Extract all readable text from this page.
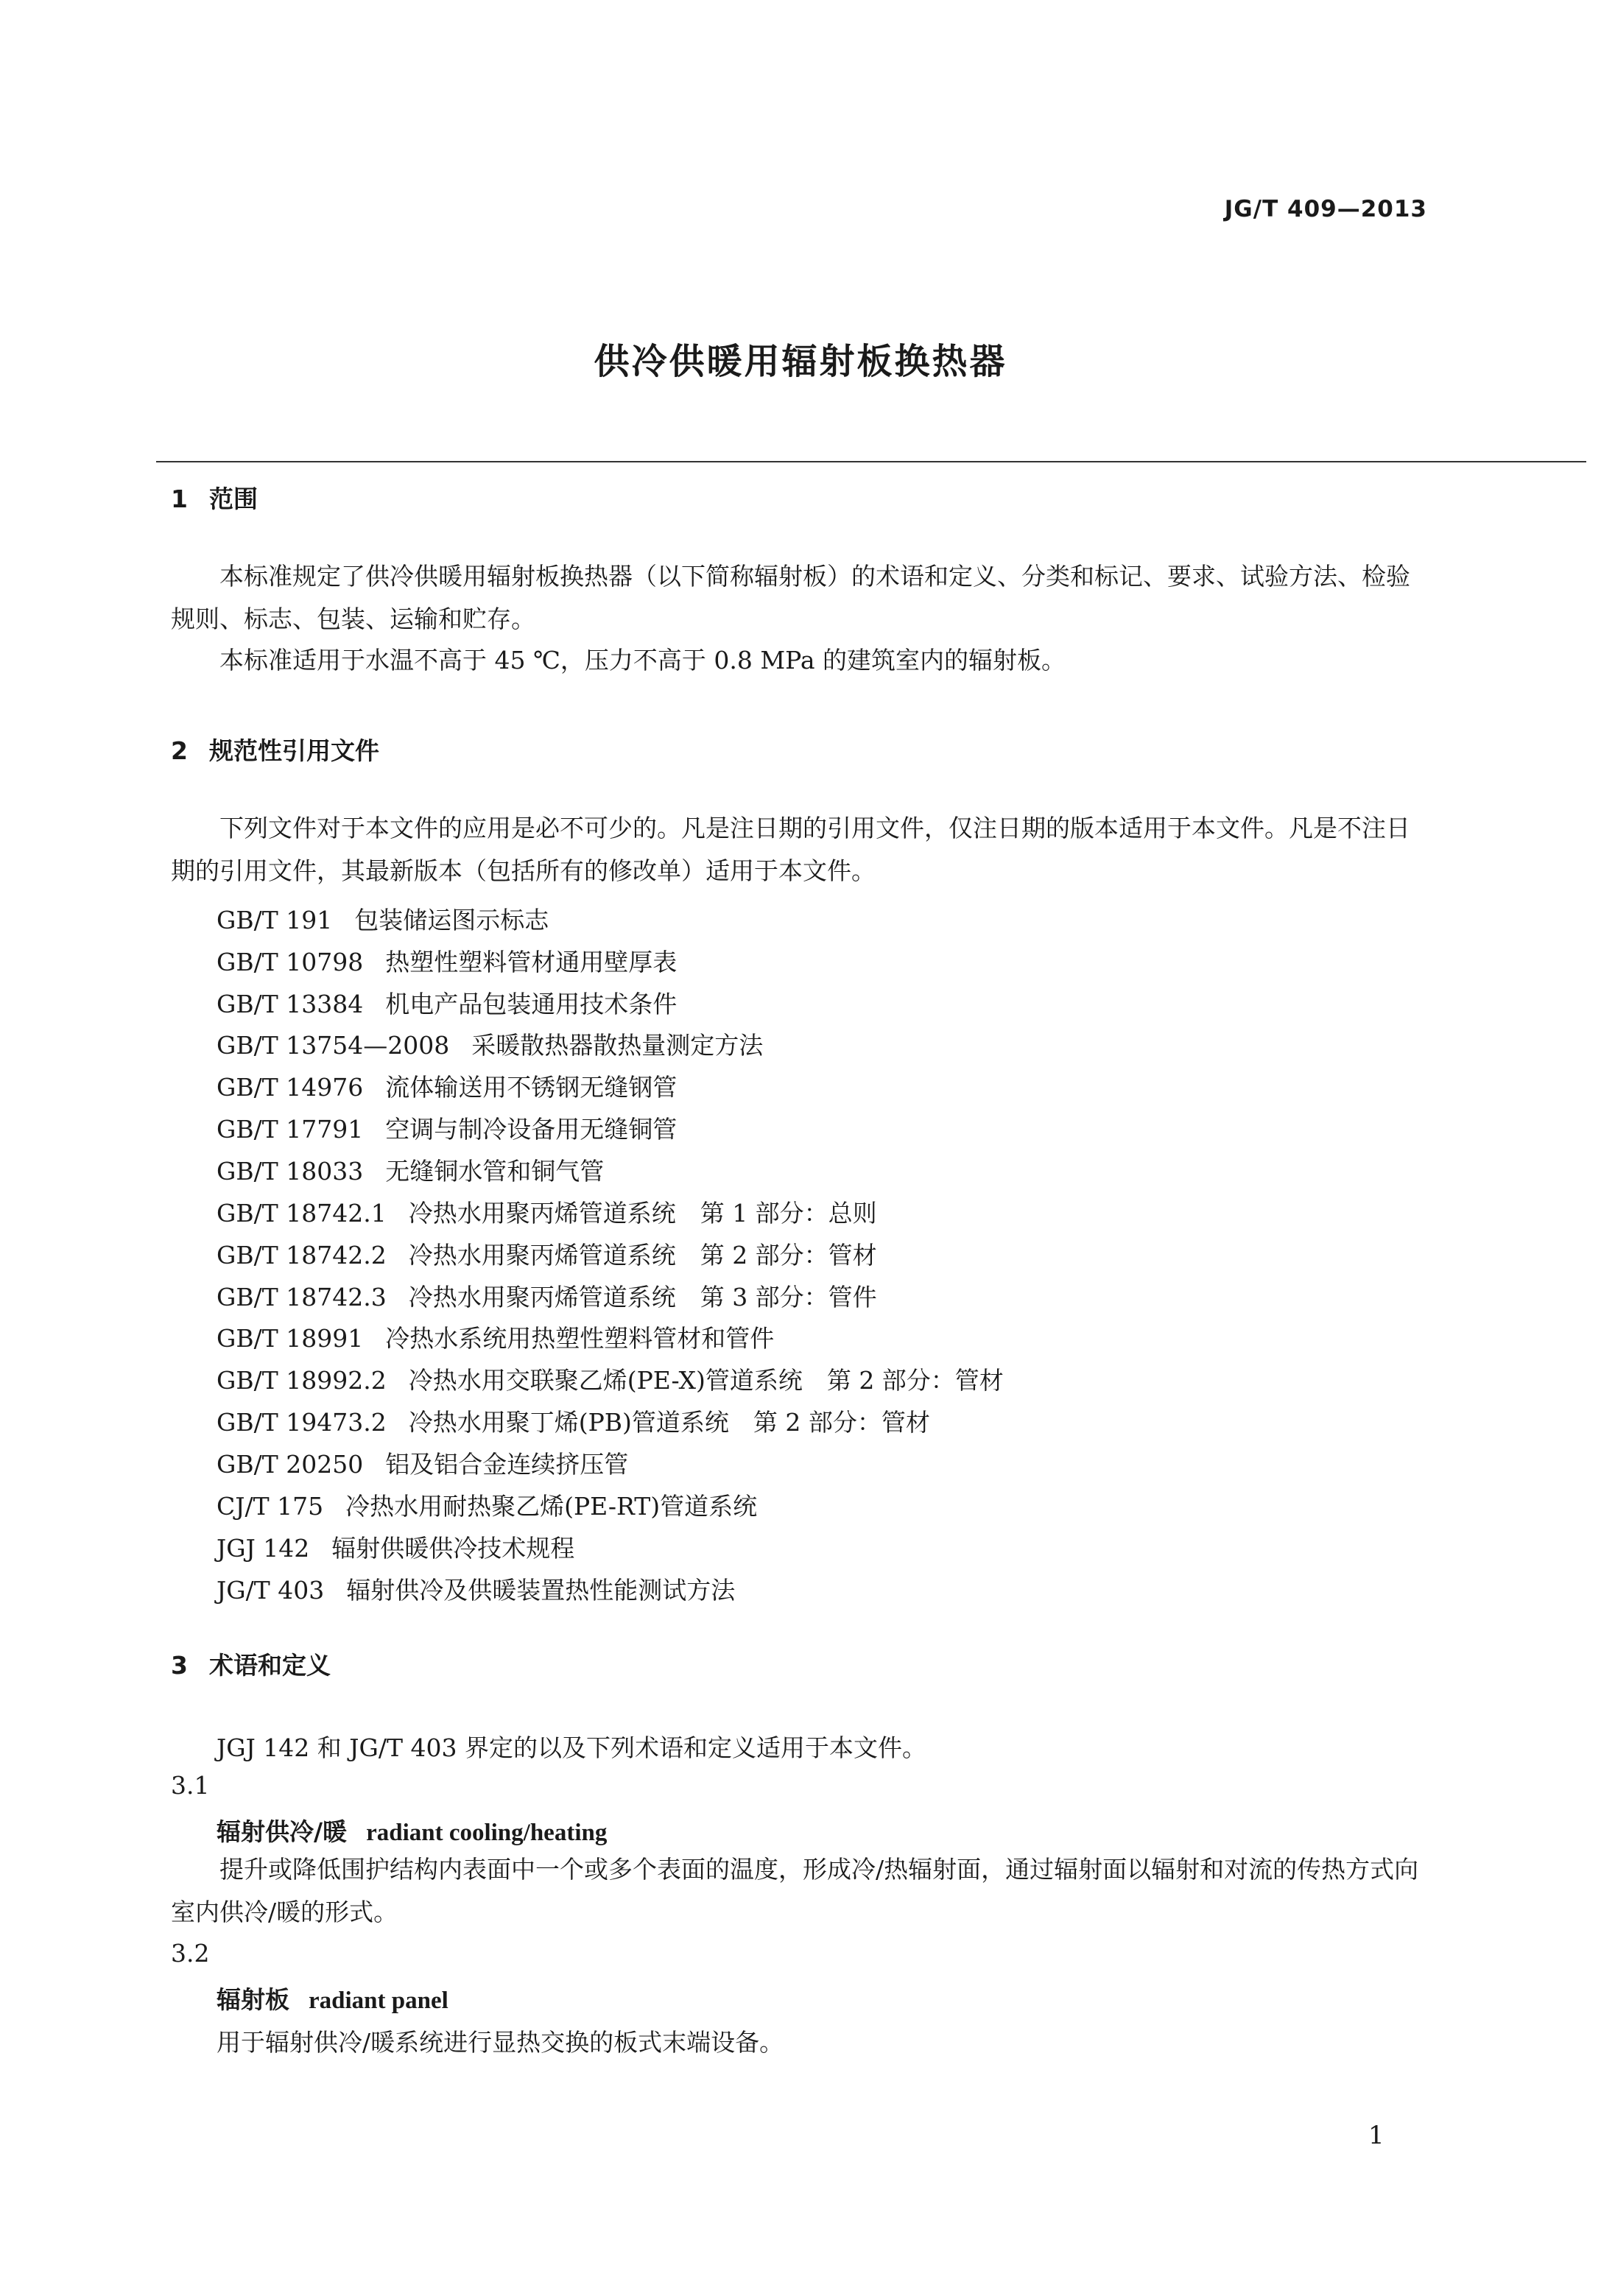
JG/T 409—2013
供冷供暖用辐射板换热器
1 范围
本标准规定了供冷供暖用辐射板换热器（以下简称辐射板）的术语和定义、分类和标记、要求、试验方法、检验规则、标志、包装、运输和贮存。
本标准适用于水温不高于 45 ℃，压力不高于 0.8 MPa 的建筑室内的辐射板。
2 规范性引用文件
下列文件对于本文件的应用是必不可少的。凡是注日期的引用文件，仅注日期的版本适用于本文件。凡是不注日期的引用文件，其最新版本（包括所有的修改单）适用于本文件。
GB/T 191 包装储运图示标志
GB/T 10798 热塑性塑料管材通用壁厚表
GB/T 13384 机电产品包装通用技术条件
GB/T 13754—2008 采暖散热器散热量测定方法
GB/T 14976 流体输送用不锈钢无缝钢管
GB/T 17791 空调与制冷设备用无缝铜管
GB/T 18033 无缝铜水管和铜气管
GB/T 18742.1 冷热水用聚丙烯管道系统　第 1 部分：总则
GB/T 18742.2 冷热水用聚丙烯管道系统　第 2 部分：管材
GB/T 18742.3 冷热水用聚丙烯管道系统　第 3 部分：管件
GB/T 18991 冷热水系统用热塑性塑料管材和管件
GB/T 18992.2 冷热水用交联聚乙烯(PE-X)管道系统　第 2 部分：管材
GB/T 19473.2 冷热水用聚丁烯(PB)管道系统　第 2 部分：管材
GB/T 20250 铝及铝合金连续挤压管
CJ/T 175 冷热水用耐热聚乙烯(PE-RT)管道系统
JGJ 142 辐射供暖供冷技术规程
JG/T 403 辐射供冷及供暖装置热性能测试方法
3 术语和定义
JGJ 142 和 JG/T 403 界定的以及下列术语和定义适用于本文件。
3.1
辐射供冷/暖 radiant cooling/heating
提升或降低围护结构内表面中一个或多个表面的温度，形成冷/热辐射面，通过辐射面以辐射和对流的传热方式向室内供冷/暖的形式。
3.2
辐射板 radiant panel
用于辐射供冷/暖系统进行显热交换的板式末端设备。
1
